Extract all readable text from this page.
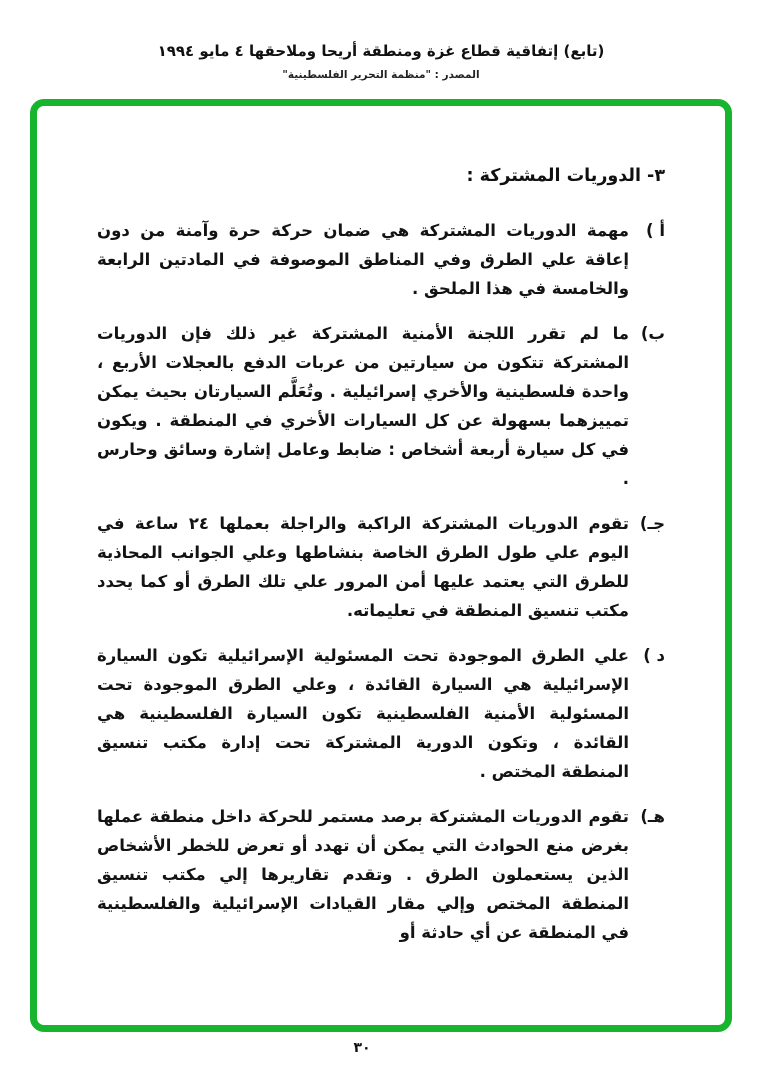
(تابع) إتفاقية قطاع غزة ومنطقة أريحا وملاحقها ٤ مايو ١٩٩٤
المصدر : "منظمة التحرير الفلسطينية"
٣- الدوريات المشتركة :
أ )
مهمة الدوريات المشتركة هي ضمان حركة حرة وآمنة من دون إعاقة علي الطرق وفي المناطق الموصوفة في المادتين الرابعة والخامسة في هذا الملحق .
ب)
ما لم تقرر اللجنة الأمنية المشتركة غير ذلك فإن الدوريات المشتركة تتكون من سيارتين من عربات الدفع بالعجلات الأربع ، واحدة فلسطينية والأخري إسرائيلية . وتُعَلَّم السيارتان بحيث يمكن تمييزهما بسهولة عن كل السيارات الأخري في المنطقة . ويكون في كل سيارة أربعة أشخاص : ضابط وعامل إشارة وسائق وحارس .
جـ)
تقوم الدوريات المشتركة الراكبة والراجلة بعملها ٢٤ ساعة في اليوم علي طول الطرق الخاصة بنشاطها وعلي الجوانب المحاذية للطرق التي يعتمد عليها أمن المرور علي تلك الطرق أو كما يحدد مكتب تنسيق المنطقة في تعليماته.
د )
علي الطرق الموجودة تحت المسئولية الإسرائيلية تكون السيارة الإسرائيلية هي السيارة القائدة ، وعلي الطرق الموجودة تحت المسئولية الأمنية الفلسطينية تكون السيارة الفلسطينية هي القائدة ، وتكون الدورية المشتركة تحت إدارة مكتب تنسيق المنطقة المختص .
هـ)
تقوم الدوريات المشتركة برصد مستمر للحركة داخل منطقة عملها بغرض منع الحوادث التي يمكن أن تهدد أو تعرض للخطر الأشخاص الذين يستعملون الطرق . وتقدم تقاريرها إلي مكتب تنسيق المنطقة المختص وإلي مقار القيادات الإسرائيلية والفلسطينية في المنطقة عن أي حادثة أو
٣٠
